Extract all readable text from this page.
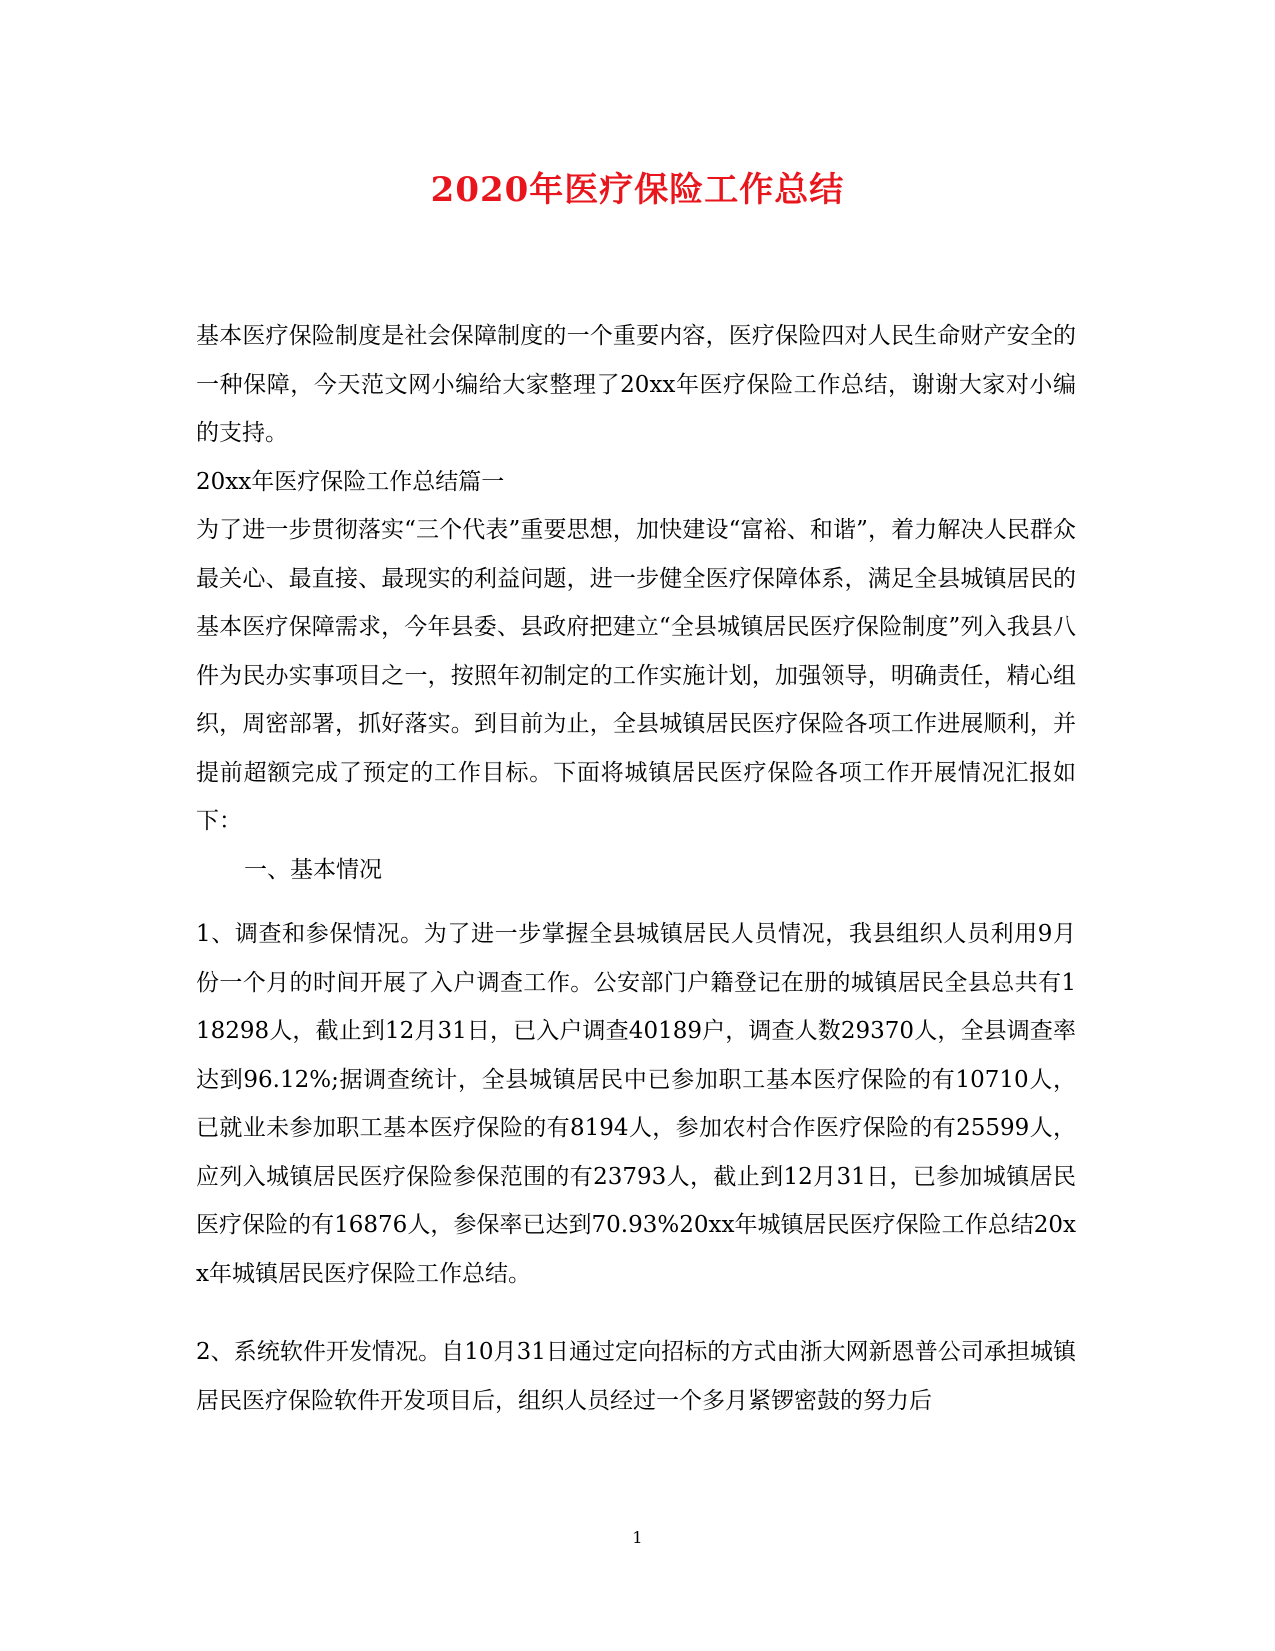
2020年医疗保险工作总结

基本医疗保险制度是社会保障制度的一个重要内容，医疗保险四对人民生命财产安全的一种保障，今天范文网小编给大家整理了20xx年医疗保险工作总结，谢谢大家对小编的支持。

20xx年医疗保险工作总结篇一

为了进一步贯彻落实“三个代表”重要思想，加快建设“富裕、和谐”，着力解决人民群众最关心、最直接、最现实的利益问题，进一步健全医疗保障体系，满足全县城镇居民的基本医疗保障需求，今年县委、县政府把建立“全县城镇居民医疗保险制度”列入我县八件为民办实事项目之一，按照年初制定的工作实施计划，加强领导，明确责任，精心组织，周密部署，抓好落实。到目前为止，全县城镇居民医疗保险各项工作进展顺利，并提前超额完成了预定的工作目标。下面将城镇居民医疗保险各项工作开展情况汇报如下：

一、基本情况

1、调查和参保情况。为了进一步掌握全县城镇居民人员情况，我县组织人员利用9月份一个月的时间开展了入户调查工作。公安部门户籍登记在册的城镇居民全县总共有118298人，截止到12月31日，已入户调查40189户，调查人数29370人，全县调查率达到96.12%;据调查统计，全县城镇居民中已参加职工基本医疗保险的有10710人，已就业未参加职工基本医疗保险的有8194人，参加农村合作医疗保险的有25599人，应列入城镇居民医疗保险参保范围的有23793人，截止到12月31日，已参加城镇居民医疗保险的有16876人，参保率已达到70.93%20xx年城镇居民医疗保险工作总结20xx年城镇居民医疗保险工作总结。

2、系统软件开发情况。自10月31日通过定向招标的方式由浙大网新恩普公司承担城镇居民医疗保险软件开发项目后，组织人员经过一个多月紧锣密鼓的努力后

1
